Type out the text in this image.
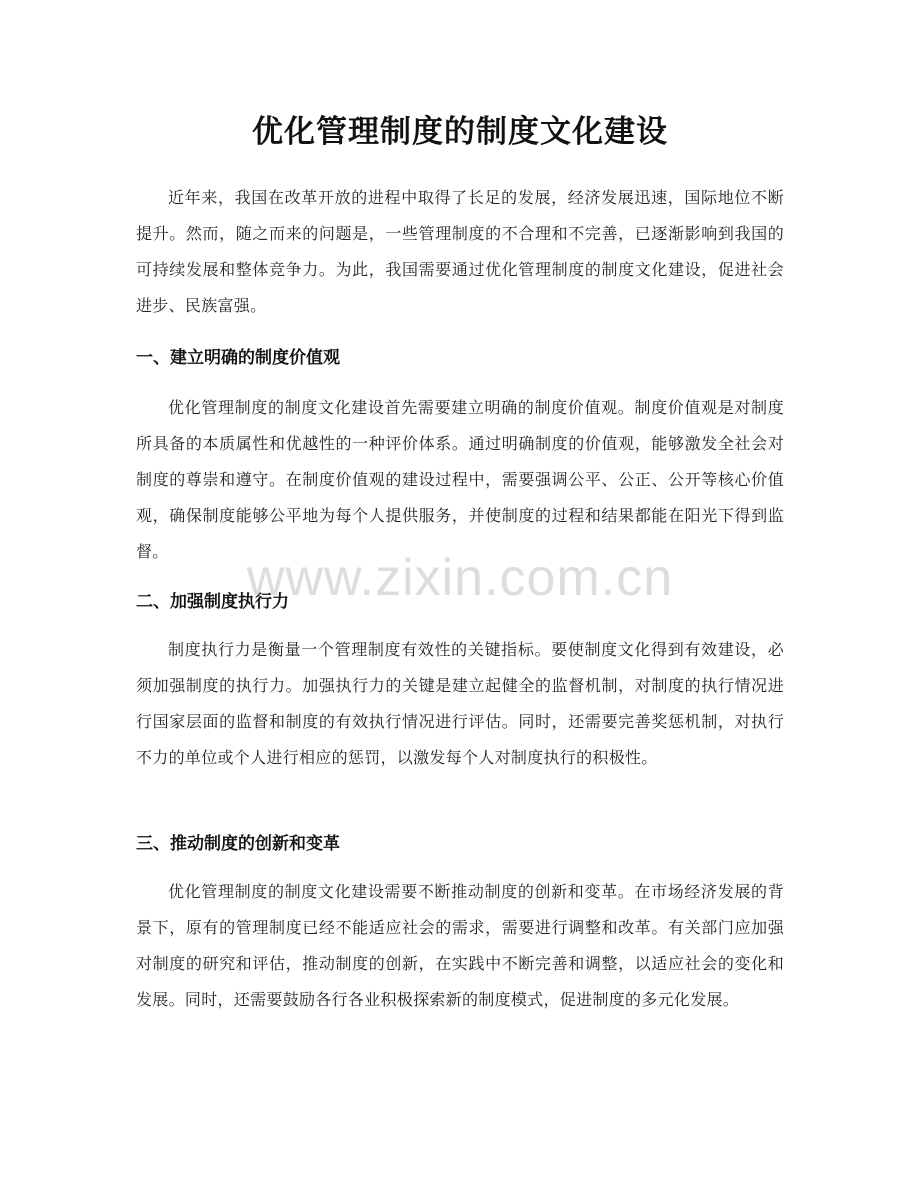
优化管理制度的制度文化建设

近年来，我国在改革开放的进程中取得了长足的发展，经济发展迅速，国际地位不断提升。然而，随之而来的问题是，一些管理制度的不合理和不完善，已逐渐影响到我国的可持续发展和整体竞争力。为此，我国需要通过优化管理制度的制度文化建设，促进社会进步、民族富强。

一、建立明确的制度价值观

优化管理制度的制度文化建设首先需要建立明确的制度价值观。制度价值观是对制度所具备的本质属性和优越性的一种评价体系。通过明确制度的价值观，能够激发全社会对制度的尊崇和遵守。在制度价值观的建设过程中，需要强调公平、公正、公开等核心价值观，确保制度能够公平地为每个人提供服务，并使制度的过程和结果都能在阳光下得到监督。

二、加强制度执行力

制度执行力是衡量一个管理制度有效性的关键指标。要使制度文化得到有效建设，必须加强制度的执行力。加强执行力的关键是建立起健全的监督机制，对制度的执行情况进行国家层面的监督和制度的有效执行情况进行评估。同时，还需要完善奖惩机制，对执行不力的单位或个人进行相应的惩罚，以激发每个人对制度执行的积极性。

三、推动制度的创新和变革

优化管理制度的制度文化建设需要不断推动制度的创新和变革。在市场经济发展的背景下，原有的管理制度已经不能适应社会的需求，需要进行调整和改革。有关部门应加强对制度的研究和评估，推动制度的创新，在实践中不断完善和调整，以适应社会的变化和发展。同时，还需要鼓励各行各业积极探索新的制度模式，促进制度的多元化发展。

www.zixin.com.cn
